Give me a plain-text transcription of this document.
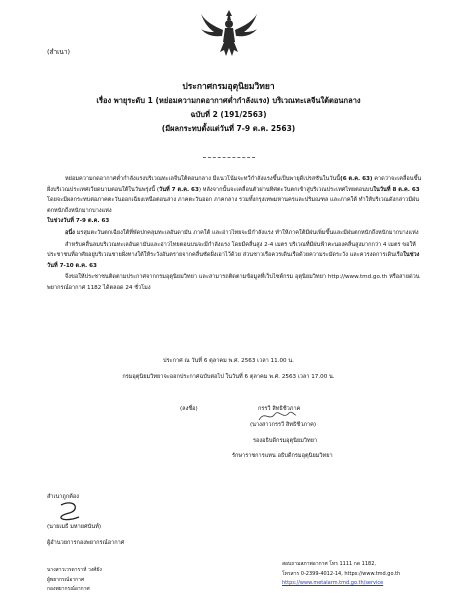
(สำเนา)
ประกาศกรมอุตุนิยมวิทยา
เรื่อง พายุระดับ 1 (หย่อมความกดอากาศต่ำกำลังแรง) บริเวณทะเลจีนใต้ตอนกลาง
ฉบับที่ 2 (191/2563)
(มีผลกระทบตั้งแต่วันที่ 7-9 ต.ค. 2563)

หย่อมความกดอากาศต่ำกำลังแรงบริเวณทะเลจีนใต้ตอนกลาง มีแนวโน้มจะทวีกำลังแรงขึ้นเป็นพายุดีเปรสชันในวันนี้(6 ต.ค. 63) คาดว่าจะเคลื่อนขึ้นฝั่งบริเวณประเทศเวียดนามตอนใต้ในวันพรุ่งนี้ (วันที่ 7 ต.ค. 63) หลังจากนั้นจะเคลื่อนตัวผ่านทิศตะวันตกเข้าสู่บริเวณประเทศไทยตอนบนในวันที่ 8 ต.ค. 63 โดยจะมีผลกระทบต่อภาคตะวันออกเฉียงเหนือตอนล่าง ภาคตะวันออก ภาคกลาง รวมทั้งกรุงเทพมหานครและปริมณฑล และภาคใต้ ทำให้บริเวณดังกล่าวมีฝนตกหนักถึงหนักมากบางแห่ง
ในช่วงวันที่ 7-9 ต.ค. 63

อนึ่ง มรสุมตะวันตกเฉียงใต้ที่พัดปกคลุมทะเลอันดามัน ภาคใต้ และอ่าวไทยจะมีกำลังแรง ทำให้ภาคใต้มีฝนเพิ่มขึ้นและมีฝนตกหนักถึงหนักมากบางแห่ง

สำหรับคลื่นลมบริเวณทะเลอันดามันและอ่าวไทยตอนบนจะมีกำลังแรง โดยมีคลื่นสูง 2-4 เมตร บริเวณที่มีฝนฟ้าคะนองคลื่นสูงมากกว่า 4 เมตร ขอให้ประชาชนที่อาศัยอยู่บริเวณชายฝั่งทางใต้ให้ระวังอันตรายจากคลื่นซัดฝั่งเอาไว้ด้วย ส่วนชาวเรือควรเดินเรือด้วยความระมัดระวัง และควรงดการเดินเรือในช่วงวันที่ 7-10 ต.ค. 63

จึงขอให้ประชาชนติดตามประกาศจากกรมอุตุนิยมวิทยา และสามารถติดตามข้อมูลที่เว็บไซต์กรม อุตุนิยมวิทยา http://www.tmd.go.th หรือสายด่วนพยากรณ์อากาศ 1182 ได้ตลอด 24 ชั่วโมง

ประกาศ ณ วันที่ 6 ตุลาคม พ.ศ. 2563 เวลา 11.00 น.
กรมอุตุนิยมวิทยาจะออกประกาศฉบับต่อไป ในวันที่ 6 ตุลาคม พ.ศ. 2563 เวลา 17.00 น.
(ลงชื่อ)	กรรวี สิทธิชีวภาค
(นางสาวกรรวี สิทธิชีวภาค)
รองอธิบดีกรมอุตุนิยมวิทยา
รักษาราชการแทน อธิบดีกรมอุตุนิยมวิทยา
สำเนาถูกต้อง
(นายเมธี มหายศนันท์)
ผู้อำนวยการกองพยากรณ์อากาศ
นางสาวเวรดาราห์ วงศ์ยัง
ผู้พยากรณ์อากาศ
กองพยากรณ์อากาศ
สอบถามสภาพอากาศ โทร 1111 กด 1182,
โทรสาร 0-2399-4012-14, https://www.tmd.go.th
https://www.metalarm.tmd.go.th/service
